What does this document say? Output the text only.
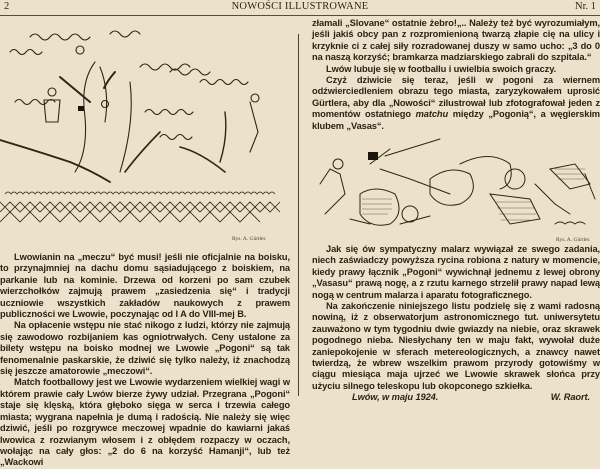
2	NOWOŚCI ILLUSTROWANE	Nr. 1
Rys. A. Gürtler.

Lwowianin na „meczu“ być musi! jeśli nie oficjalnie na boisku, to przynajmniej na dachu domu sąsiadującego z boiskiem, na parkanie lub na kominie. Drzewa od korzeni po sam czubek wierzchołków zajmują prawem „zasiedzenia się“ i tradycji uczniowie wszystkich zakładów naukowych z prawem publiczności we Lwowie, poczynając od I A do VIII-mej B.

Na opłacenie wstępu nie stać nikogo z ludzi, którzy nie zajmują się zawodowo rozbijaniem kas ogniotrwałych. Ceny ustalone za bilety wstępu na boisko modnej we Lwowie „Pogoni“ są tak fenomenalnie paskarskie, że dziwić się tylko należy, iż znachodzą się jeszcze amatorowie „meczowi“.

Match footballowy jest we Lwowie wydarzeniem wielkiej wagi w którem prawie cały Lwów bierze żywy udział. Przegrana „Pogoni“ staje się klęską, która głęboko sięga w serca i trzewia całego miasta; wygrana napełnia je dumą i radością. Nie należy się więc dziwić, jeśli po rozgrywce meczowej wpadnie do kawiarni jakaś lwowica z rozwianym włosem i z obłędem rozpaczy w oczach, wołając na cały głos: „2 do 6 na korzyść Hamanji“, lub też „Wackowi

złamali „Slovane“ ostatnie żebro!„.. Należy też być wyrozumiałym, jeśli jakiś obcy pan z rozpromienioną twarzą złapie cię na ulicy i krzyknie ci z całej siły rozradowanej duszy w samo ucho: „3 do 0 na naszą korzyść; bramkarza madziarskiego zabrali do szpitala.“

Lwów lubuje się w footballu i uwielbia swoich graczy.

Czyż dziwicie się teraz, jeśli w pogoni za wiernem odźwierciedleniem obrazu tego miasta, zaryzykowałem uprosić Gürtlera, aby dla „Nowości“ zilustrował lub zfotografował jeden z momentów ostatniego matchu między „Pogonią“, a węgierskim klubem „Vasas“.

Rys. A. Gürtler.

Jak się ów sympatyczny malarz wywiązał ze swego zadania, niech zaświadczy powyższa rycina robiona z natury w momencie, kiedy prawy łącznik „Pogoni“ wywichnął jednemu z lewej obrony „Vasasu“ prawą nogę, a z rzutu karnego strzelił prawy napad lewą nogą w centrum malarza i aparatu fotograficznego.

Na zakończenie niniejszego listu podzielę się z wami radosną nowiną, iż z obserwatorjum astronomicznego tut. uniwersytetu zauważono w tym tygodniu dwie gwiazdy na niebie, oraz skrawek pogodnego nieba. Niesłychany ten w maju fakt, wywołał duże zaniepokojenie w sferach metereologicznych, a znawcy nawet twierdzą, że wbrew wszelkim prawom przyrody gotowiśmy w ciągu miesiąca maja ujrzeć we Lwowie skrawek słońca przy użyciu silnego teleskopu lub okopconego szkiełka.

Lwów, w maju 1924.	W. Raort.
